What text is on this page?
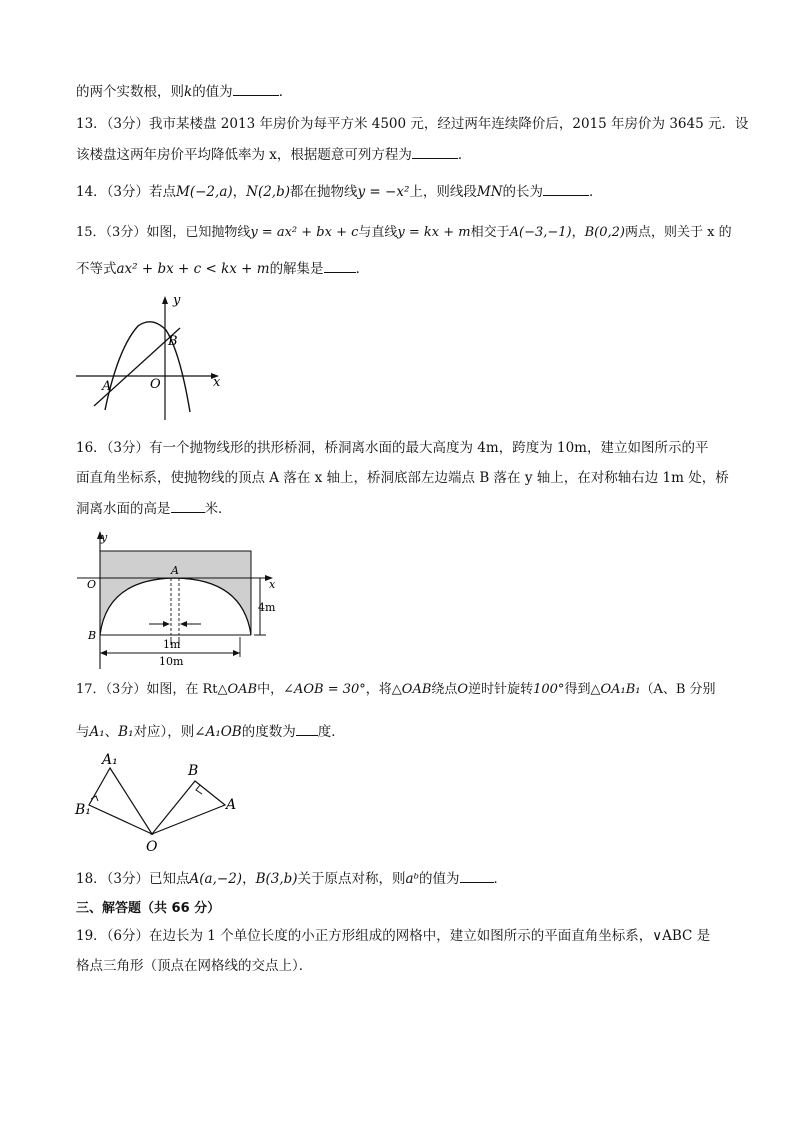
的两个实数根，则k的值为	．
13．（3分）我市某楼盘 2013 年房价为每平方米 4500 元，经过两年连续降价后，2015 年房价为 3645 元．设
该楼盘这两年房价平均降低率为 x，根据题意可列方程为	．
14．（3分）若点M(−2,a)，N(2,b)都在抛物线y = −x²上，则线段MN的长为	．
15．（3分）如图，已知抛物线y = ax² + bx + c与直线y = kx + m相交于A(−3,−1)，B(0,2)两点，则关于 x 的
不等式ax² + bx + c < kx + m的解集是 ．
y
x
B
A	O
16．（3分）有一个抛物线形的拱形桥洞，桥洞离水面的最大高度为 4m，跨度为 10m，建立如图所示的平
面直角坐标系，使抛物线的顶点 A 落在 x 轴上，桥洞底部左边端点 B 落在 y 轴上，在对称轴右边 1m 处，桥
洞离水面的高是	米．
y
x
O
A
B
4m
1m
10m
17．（3分）如图，在 Rt△OAB中，∠AOB = 30°，将△OAB绕点O逆时针旋转100°得到△OA₁B₁（A、B 分别
与A₁、B₁对应），则∠A₁OB的度数为 度．
A₁
B₁
O
B
A
18．（3分）已知点A(a,−2)，B(3,b)关于原点对称，则aᵇ的值为	．
三、解答题（共 66 分）
19．（6分）在边长为 1 个单位长度的小正方形组成的网格中，建立如图所示的平面直角坐标系，∨ABC 是
格点三角形（顶点在网格线的交点上）．
